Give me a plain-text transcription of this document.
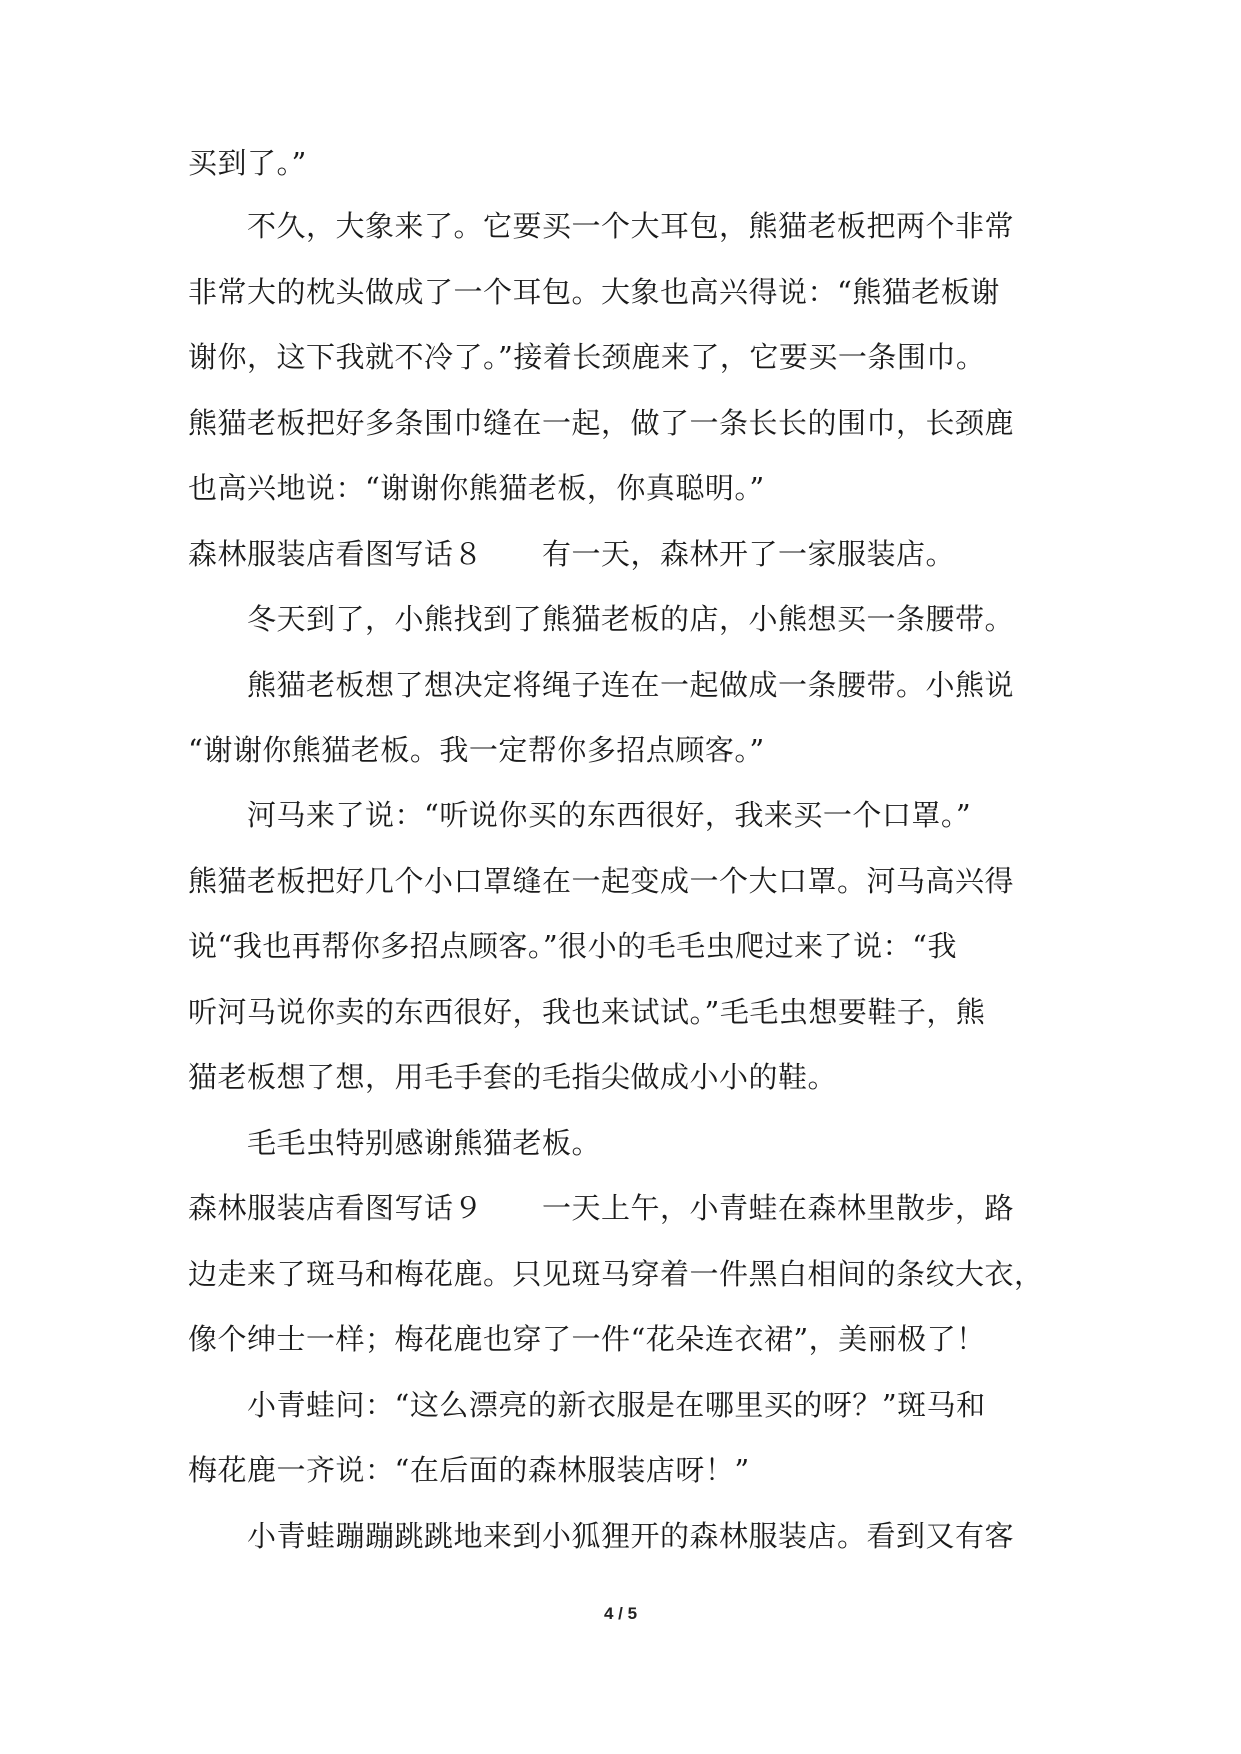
买到了。”
　　不久，大象来了。它要买一个大耳包，熊猫老板把两个非常
非常大的枕头做成了一个耳包。大象也高兴得说：“熊猫老板谢
谢你，这下我就不冷了。”接着长颈鹿来了，它要买一条围巾。
熊猫老板把好多条围巾缝在一起，做了一条长长的围巾，长颈鹿
也高兴地说：“谢谢你熊猫老板，你真聪明。”
森林服装店看图写话８　　有一天，森林开了一家服装店。
　　冬天到了，小熊找到了熊猫老板的店，小熊想买一条腰带。
　　熊猫老板想了想决定将绳子连在一起做成一条腰带。小熊说
“谢谢你熊猫老板。我一定帮你多招点顾客。”
　　河马来了说：“听说你买的东西很好，我来买一个口罩。”
熊猫老板把好几个小口罩缝在一起变成一个大口罩。河马高兴得
说“我也再帮你多招点顾客。”很小的毛毛虫爬过来了说：“我
听河马说你卖的东西很好，我也来试试。”毛毛虫想要鞋子，熊
猫老板想了想，用毛手套的毛指尖做成小小的鞋。
　　毛毛虫特别感谢熊猫老板。
森林服装店看图写话９　　一天上午，小青蛙在森林里散步，路
边走来了斑马和梅花鹿。只见斑马穿着一件黑白相间的条纹大衣，
像个绅士一样；梅花鹿也穿了一件“花朵连衣裙”，美丽极了！
　　小青蛙问：“这么漂亮的新衣服是在哪里买的呀？”斑马和
梅花鹿一齐说：“在后面的森林服装店呀！”
　　小青蛙蹦蹦跳跳地来到小狐狸开的森林服装店。看到又有客
4 / 5
